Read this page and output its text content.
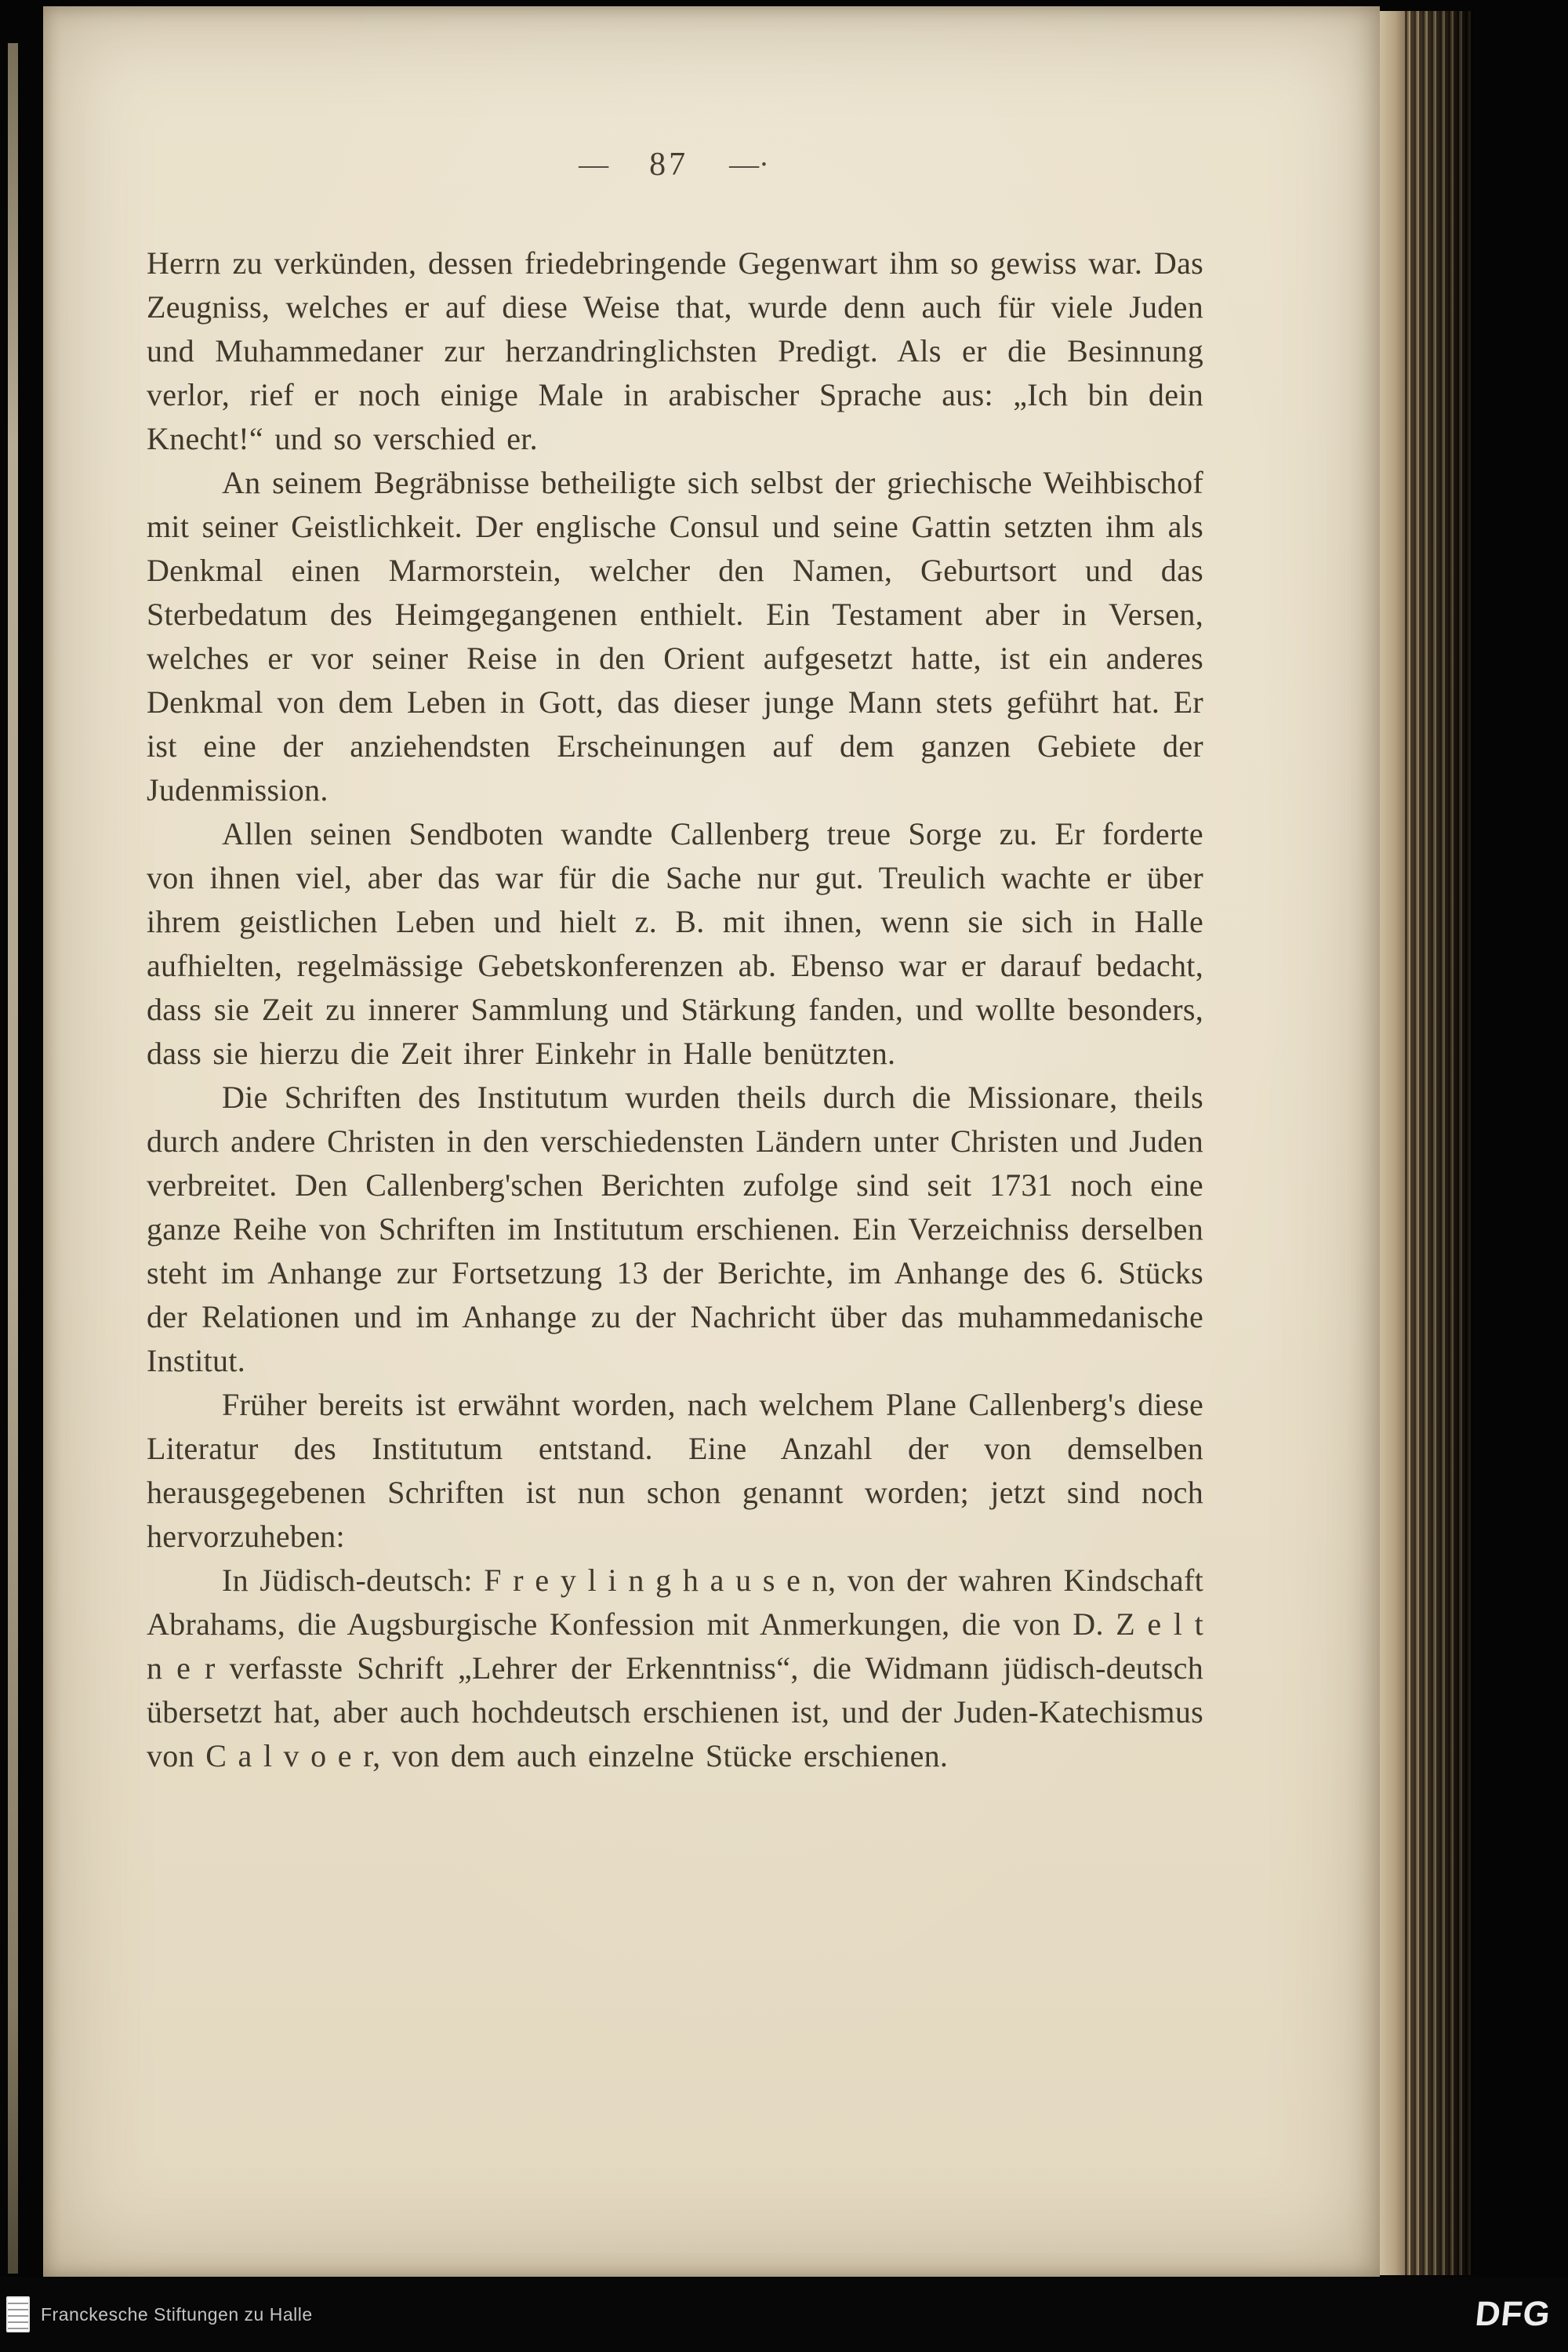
— 87 —·

Herrn zu verkünden, dessen friedebringende Gegenwart ihm so gewiss war. Das Zeugniss, welches er auf diese Weise that, wurde denn auch für viele Juden und Muhammedaner zur herzandringlichsten Predigt. Als er die Besinnung verlor, rief er noch einige Male in arabischer Sprache aus: „Ich bin dein Knecht!“ und so verschied er.

An seinem Begräbnisse betheiligte sich selbst der griechische Weihbischof mit seiner Geistlichkeit. Der englische Consul und seine Gattin setzten ihm als Denkmal einen Marmorstein, welcher den Namen, Geburtsort und das Sterbedatum des Heimgegangenen enthielt. Ein Testament aber in Versen, welches er vor seiner Reise in den Orient aufgesetzt hatte, ist ein anderes Denkmal von dem Leben in Gott, das dieser junge Mann stets geführt hat. Er ist eine der anziehendsten Erscheinungen auf dem ganzen Gebiete der Judenmission.

Allen seinen Sendboten wandte Callenberg treue Sorge zu. Er forderte von ihnen viel, aber das war für die Sache nur gut. Treulich wachte er über ihrem geistlichen Leben und hielt z. B. mit ihnen, wenn sie sich in Halle aufhielten, regelmässige Gebetskonferenzen ab. Ebenso war er darauf bedacht, dass sie Zeit zu innerer Sammlung und Stärkung fanden, und wollte besonders, dass sie hierzu die Zeit ihrer Einkehr in Halle benützten.

Die Schriften des Institutum wurden theils durch die Missionare, theils durch andere Christen in den verschiedensten Ländern unter Christen und Juden verbreitet. Den Callenberg'schen Berichten zufolge sind seit 1731 noch eine ganze Reihe von Schriften im Institutum erschienen. Ein Verzeichniss derselben steht im Anhange zur Fortsetzung 13 der Berichte, im Anhange des 6. Stücks der Relationen und im Anhange zu der Nachricht über das muhammedanische Institut.

Früher bereits ist erwähnt worden, nach welchem Plane Callenberg's diese Literatur des Institutum entstand. Eine Anzahl der von demselben herausgegebenen Schriften ist nun schon genannt worden; jetzt sind noch hervorzuheben:

In Jüdisch-deutsch: F r e y l i n g h a u s e n, von der wahren Kindschaft Abrahams, die Augsburgische Konfession mit Anmerkungen, die von D. Z e l t n e r verfasste Schrift „Lehrer der Erkenntniss“, die Widmann jüdisch-deutsch übersetzt hat, aber auch hochdeutsch erschienen ist, und der Juden-Katechismus von C a l v o e r, von dem auch einzelne Stücke erschienen.

Franckesche Stiftungen zu Halle	DFG
